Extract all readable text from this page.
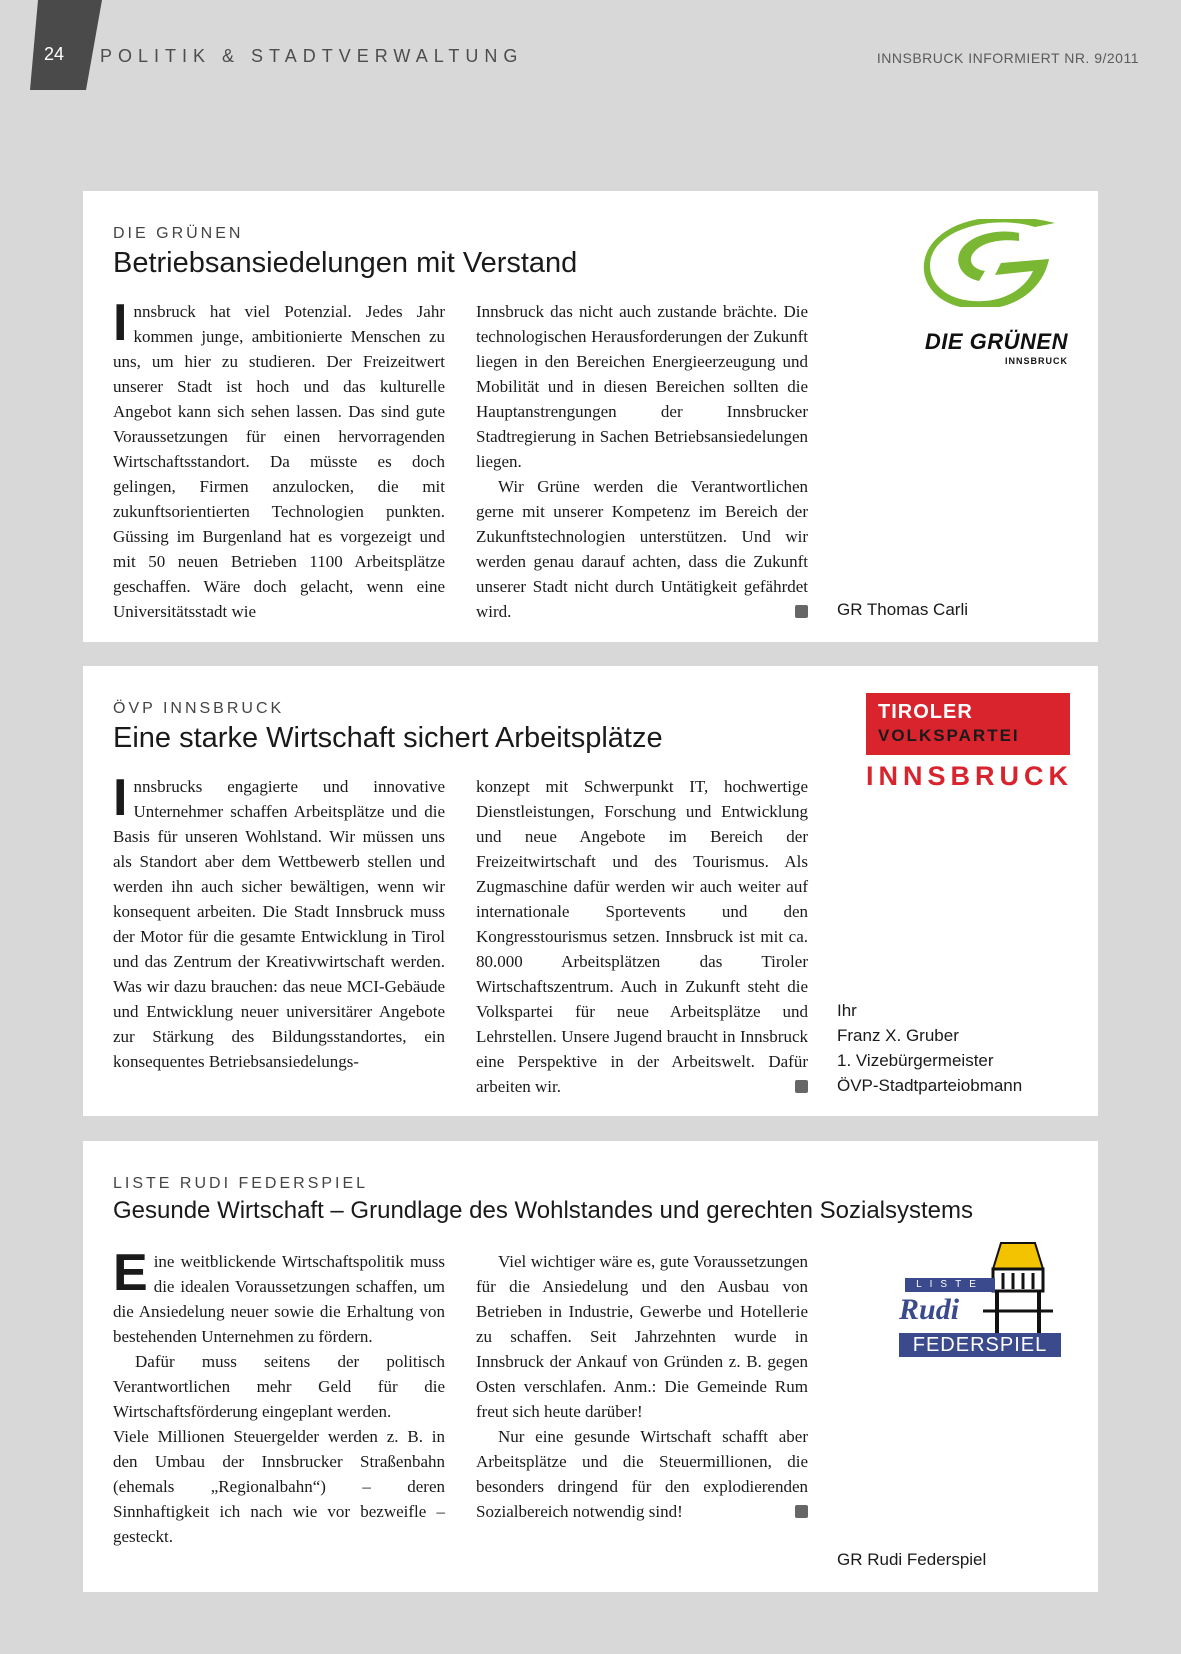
24 POLITIK & STADTVERWALTUNG	INNSBRUCK INFORMIERT NR. 9/2011
DIE GRÜNEN
Betriebsansiedelungen mit Verstand

Innsbruck hat viel Potenzial. Jedes Jahr kommen junge, ambitionierte Menschen zu uns, um hier zu studieren. Der Freizeitwert unserer Stadt ist hoch und das kulturelle Angebot kann sich sehen lassen. Das sind gute Voraussetzungen für einen hervorragenden Wirtschaftsstandort. Da müsste es doch gelingen, Firmen anzulocken, die mit zukunftsorientierten Technologien punkten. Güssing im Burgenland hat es vorgezeigt und mit 50 neuen Betrieben 1100 Arbeitsplätze geschaffen. Wäre doch gelacht, wenn eine Universitätsstadt wie

Innsbruck das nicht auch zustande brächte. Die technologischen Herausforderungen der Zukunft liegen in den Bereichen Energieerzeugung und Mobilität und in diesen Bereichen sollten die Hauptanstrengungen der Innsbrucker Stadtregierung in Sachen Betriebsansiedelungen liegen.

Wir Grüne werden die Verantwortlichen gerne mit unserer Kompetenz im Bereich der Zukunftstechnologien unterstützen. Und wir werden genau darauf achten, dass die Zukunft unserer Stadt nicht durch Untätigkeit gefährdet wird.	GR Thomas Carli
DIE GRÜNEN
INNSBRUCK
ÖVP INNSBRUCK
Eine starke Wirtschaft sichert Arbeitsplätze

Innsbrucks engagierte und innovative Unternehmer schaffen Arbeitsplätze und die Basis für unseren Wohlstand. Wir müssen uns als Standort aber dem Wettbewerb stellen und werden ihn auch sicher bewältigen, wenn wir konsequent arbeiten. Die Stadt Innsbruck muss der Motor für die gesamte Entwicklung in Tirol und das Zentrum der Kreativwirtschaft werden. Was wir dazu brauchen: das neue MCI-Gebäude und Entwicklung neuer universitärer Angebote zur Stärkung des Bildungsstandortes, ein konsequentes Betriebsansiedelungs-

konzept mit Schwerpunkt IT, hochwertige Dienstleistungen, Forschung und Entwicklung und neue Angebote im Bereich der Freizeitwirtschaft und des Tourismus. Als Zugmaschine dafür werden wir auch weiter auf internationale Sportevents und den Kongresstourismus setzen. Innsbruck ist mit ca. 80.000 Arbeitsplätzen das Tiroler Wirtschaftszentrum. Auch in Zukunft steht die Volkspartei für neue Arbeitsplätze und Lehrstellen. Unsere Jugend braucht in Innsbruck eine Perspektive in der Arbeitswelt. Dafür arbeiten wir.

Ihr
Franz X. Gruber
1. Vizebürgermeister
ÖVP-Stadtparteiobmann
TIROLER
VOLKSPARTEI
INNSBRUCK
LISTE RUDI FEDERSPIEL
Gesunde Wirtschaft – Grundlage des Wohlstandes und gerechten Sozialsystems

Eine weitblickende Wirtschaftspolitik muss die idealen Voraussetzungen schaffen, um die Ansiedelung neuer sowie die Erhaltung von bestehenden Unternehmen zu fördern.

Dafür muss seitens der politisch Verantwortlichen mehr Geld für die Wirtschaftsförderung eingeplant werden.

Viele Millionen Steuergelder werden z. B. in den Umbau der Innsbrucker Straßenbahn (ehemals „Regionalbahn“) – deren Sinnhaftigkeit ich nach wie vor bezweifle – gesteckt.

Viel wichtiger wäre es, gute Voraussetzungen für die Ansiedelung und den Ausbau von Betrieben in Industrie, Gewerbe und Hotellerie zu schaffen. Seit Jahrzehnten wurde in Innsbruck der Ankauf von Gründen z. B. gegen Osten verschlafen. Anm.: Die Gemeinde Rum freut sich heute darüber!

Nur eine gesunde Wirtschaft schafft aber Arbeitsplätze und die Steuermillionen, die besonders dringend für den explodierenden Sozialbereich notwendig sind!

GR Rudi Federspiel
LISTE
Rudi
FEDERSPIEL
